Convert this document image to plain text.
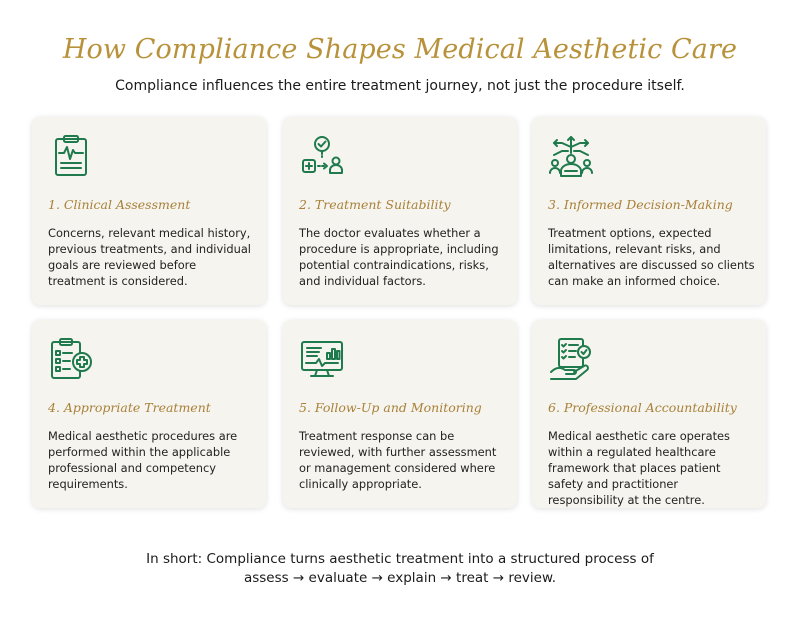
How Compliance Shapes Medical Aesthetic Care
Compliance influences the entire treatment journey, not just the procedure itself.
1. Clinical Assessment
Concerns, relevant medical history, previous treatments, and individual goals are reviewed before treatment is considered.
2. Treatment Suitability
The doctor evaluates whether a procedure is appropriate, including potential contraindications, risks, and individual factors.
3. Informed Decision-Making
Treatment options, expected limitations, relevant risks, and alternatives are discussed so clients can make an informed choice.
4. Appropriate Treatment
Medical aesthetic procedures are performed within the applicable professional and competency requirements.
5. Follow-Up and Monitoring
Treatment response can be reviewed, with further assessment or management considered where clinically appropriate.
6. Professional Accountability
Medical aesthetic care operates within a regulated healthcare framework that places patient safety and practitioner responsibility at the centre.
In short: Compliance turns aesthetic treatment into a structured process of
assess → evaluate → explain → treat → review.
